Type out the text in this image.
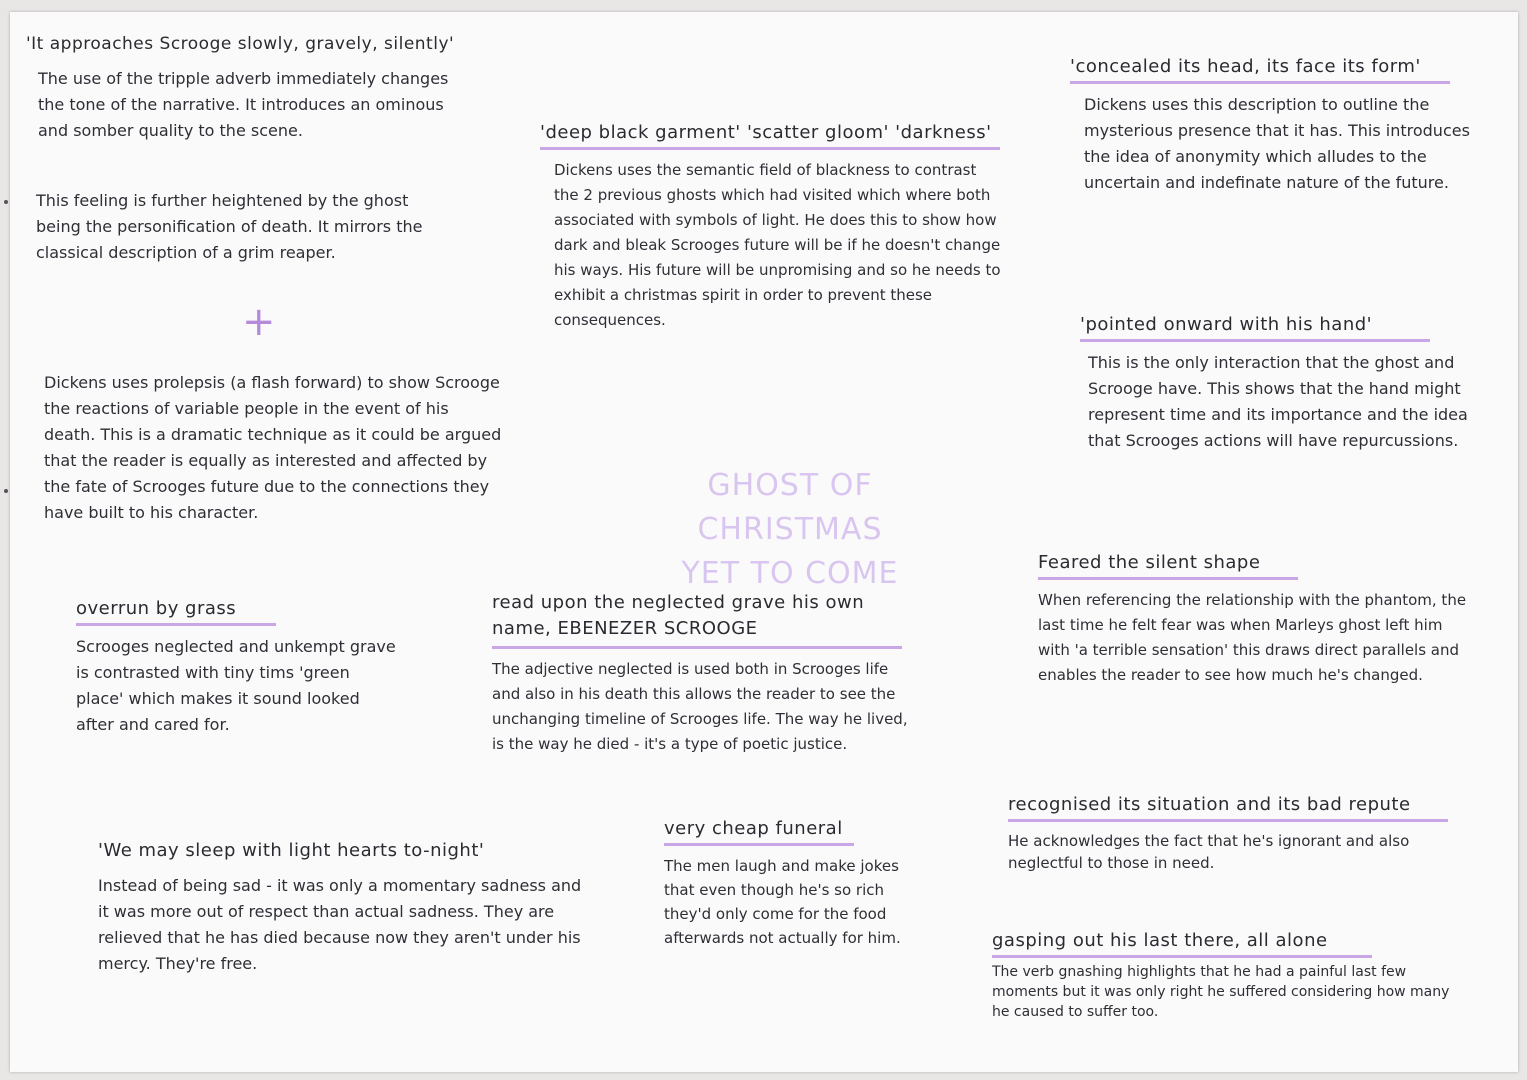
'It approaches Scrooge slowly, gravely, silently'
The use of the tripple adverb immediately changes the tone of the narrative. It introduces an ominous and somber quality to the scene.
This feeling is further heightened by the ghost being the personification of death. It mirrors the classical description of a grim reaper.
+
Dickens uses prolepsis (a flash forward) to show Scrooge the reactions of variable people in the event of his death. This is a dramatic technique as it could be argued that the reader is equally as interested and affected by the fate of Scrooges future due to the connections they have built to his character.
overrun by grass
Scrooges neglected and unkempt grave is contrasted with tiny tims 'green place' which makes it sound looked after and cared for.
'We may sleep with light hearts to-night'
Instead of being sad - it was only a momentary sadness and it was more out of respect than actual sadness. They are relieved that he has died because now they aren't under his mercy. They're free.
'deep black garment' 'scatter gloom' 'darkness'
Dickens uses the semantic field of blackness to contrast the 2 previous ghosts which had visited which where both associated with symbols of light. He does this to show how dark and bleak Scrooges future will be if he doesn't change his ways. His future will be unpromising and so he needs to exhibit a christmas spirit in order to prevent these consequences.
GHOST OF CHRISTMAS
YET TO COME
read upon the neglected grave his own name, EBENEZER SCROOGE
The adjective neglected is used both in Scrooges life and also in his death this allows the reader to see the unchanging timeline of Scrooges life. The way he lived, is the way he died - it's a type of poetic justice.
very cheap funeral
The men laugh and make jokes that even though he's so rich they'd only come for the food afterwards not actually for him.
'concealed its head, its face its form'
Dickens uses this description to outline the mysterious presence that it has. This introduces the idea of anonymity which alludes to the uncertain and indefinate nature of the future.
'pointed onward with his hand'
This is the only interaction that the ghost and Scrooge have. This shows that the hand might represent time and its importance and the idea that Scrooges actions will have repurcussions.
Feared the silent shape
When referencing the relationship with the phantom, the last time he felt fear was when Marleys ghost left him with 'a terrible sensation' this draws direct parallels and enables the reader to see how much he's changed.
recognised its situation and its bad repute
He acknowledges the fact that he's ignorant and also neglectful to those in need.
gasping out his last there, all alone
The verb gnashing highlights that he had a painful last few moments but it was only right he suffered considering how many he caused to suffer too.
